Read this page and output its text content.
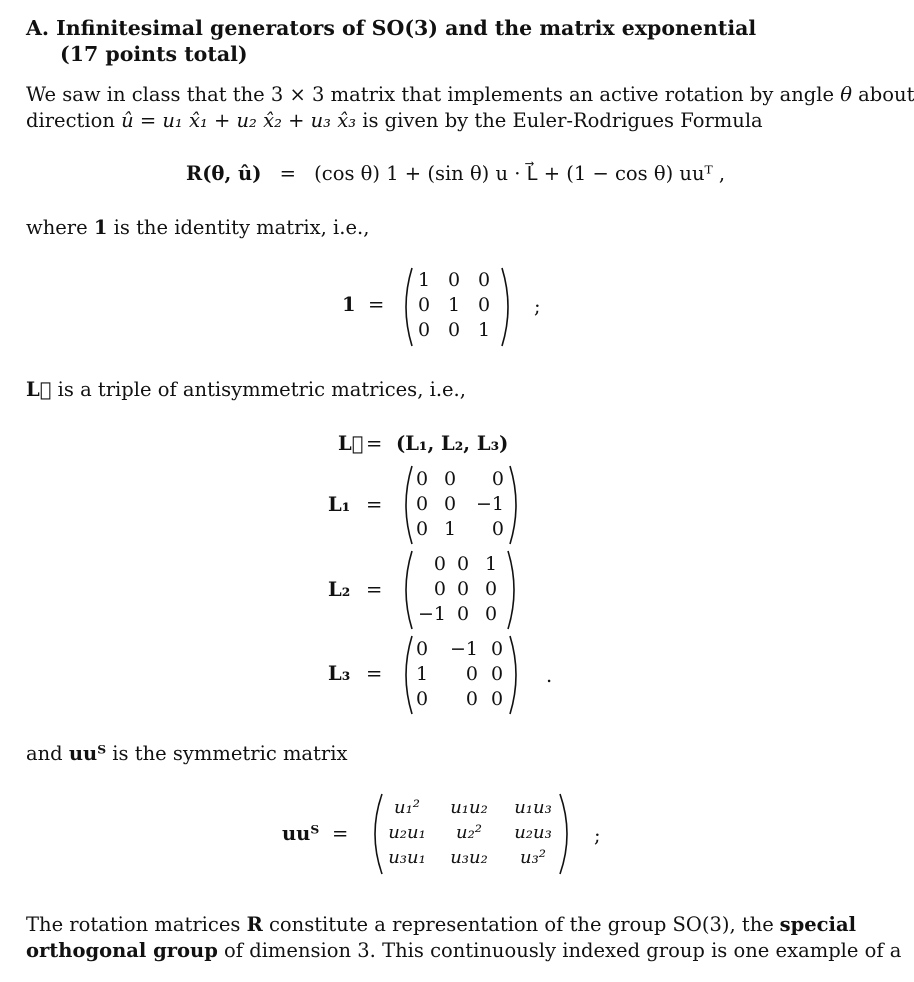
A. Infinitesimal generators of SO(3) and the matrix exponential
(17 points total)
We saw in class that the 3 × 3 matrix that implements an active rotation by angle θ about
direction û = u₁ x̂₁ + u₂ x̂₂ + u₃ x̂₃ is given by the Euler-Rodrigues Formula
R(θ, û) = (cos θ) 1 + (sin θ) u · L⃗ + (1 − cos θ) uuᵀ ,
where 1 is the identity matrix, i.e.,
1 =
1 0 0
0 1 0
0 0 1
;
L⃗ is a triple of antisymmetric matrices, i.e.,
L⃗ = (L₁, L₂, L₃)
L₁ =
0 0	0
0 0	−1
0 1	0
L₂ =
0 0 1
0 0 0
−1 0 0
L₃ =
0	−1 0
1	0 0
0	0 0
.
and uuᵀ is the symmetric matrix
uuᵀ =
u₁²	u₁u₂	u₁u₃
u₂u₁	u₂²	u₂u₃
u₃u₁	u₃u₂	u₃²
;
The rotation matrices R constitute a representation of the group SO(3), the special
orthogonal group of dimension 3. This continuously indexed group is one example of a
